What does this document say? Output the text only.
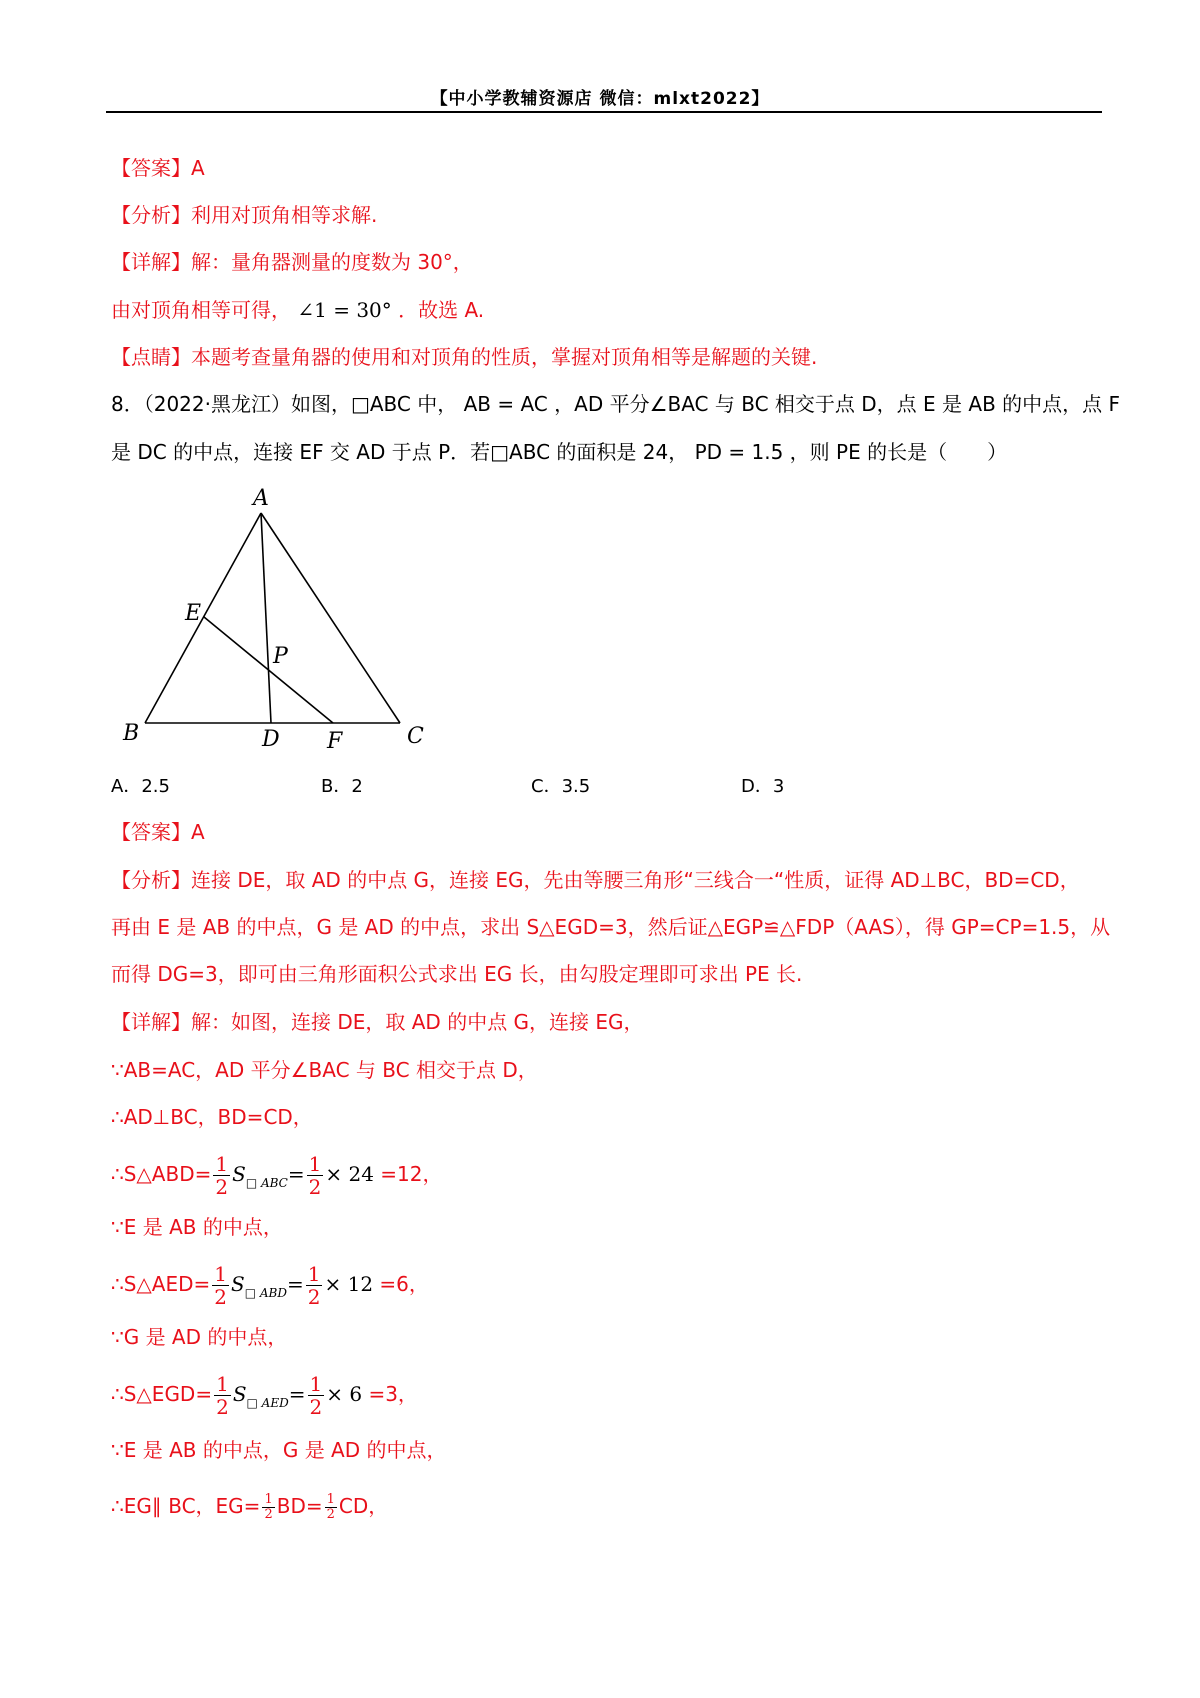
【中小学教辅资源店 微信：mlxt2022】
【答案】A
【分析】利用对顶角相等求解.
【详解】解：量角器测量的度数为 30°，
由对顶角相等可得， ∠1 = 30° ．故选 A.
【点睛】本题考查量角器的使用和对顶角的性质，掌握对顶角相等是解题的关键.
8．（2022·黑龙江）如图，□ABC 中， AB = AC ，AD 平分∠BAC 与 BC 相交于点 D，点 E 是 AB 的中点，点 F
是 DC 的中点，连接 EF 交 AD 于点 P．若□ABC 的面积是 24， PD = 1.5 ，则 PE 的长是（　　）
A
B	C
D
E
F
P
A．2.5	B．2	C．3.5	D．3
【答案】A
【分析】连接 DE，取 AD 的中点 G，连接 EG，先由等腰三角形“三线合一“性质，证得 AD⊥BC，BD=CD，
再由 E 是 AB 的中点，G 是 AD 的中点，求出 S△EGD=3，然后证△EGP≌△FDP（AAS），得 GP=CP=1.5，从
而得 DG=3，即可由三角形面积公式求出 EG 长，由勾股定理即可求出 PE 长.
【详解】解：如图，连接 DE，取 AD 的中点 G，连接 EG，
∵AB=AC，AD 平分∠BAC 与 BC 相交于点 D，
∴AD⊥BC，BD=CD，
∴S△ABD= $\frac{1}{2} S_{□ ABC}= \frac{1}{2} \times 24 =12$，
∵E 是 AB 的中点，
∴S△AED= $\frac{1}{2} S_{□ ABD}= \frac{1}{2} \times 12 =6$，
∵G 是 AD 的中点，
∴S△EGD= $\frac{1}{2} S_{□ AED}= \frac{1}{2} \times 6 =3$，
∵E 是 AB 的中点，G 是 AD 的中点，
∴EG∥ BC，$EG= \frac{1}{2} BD= \frac{1}{2}$ CD，
